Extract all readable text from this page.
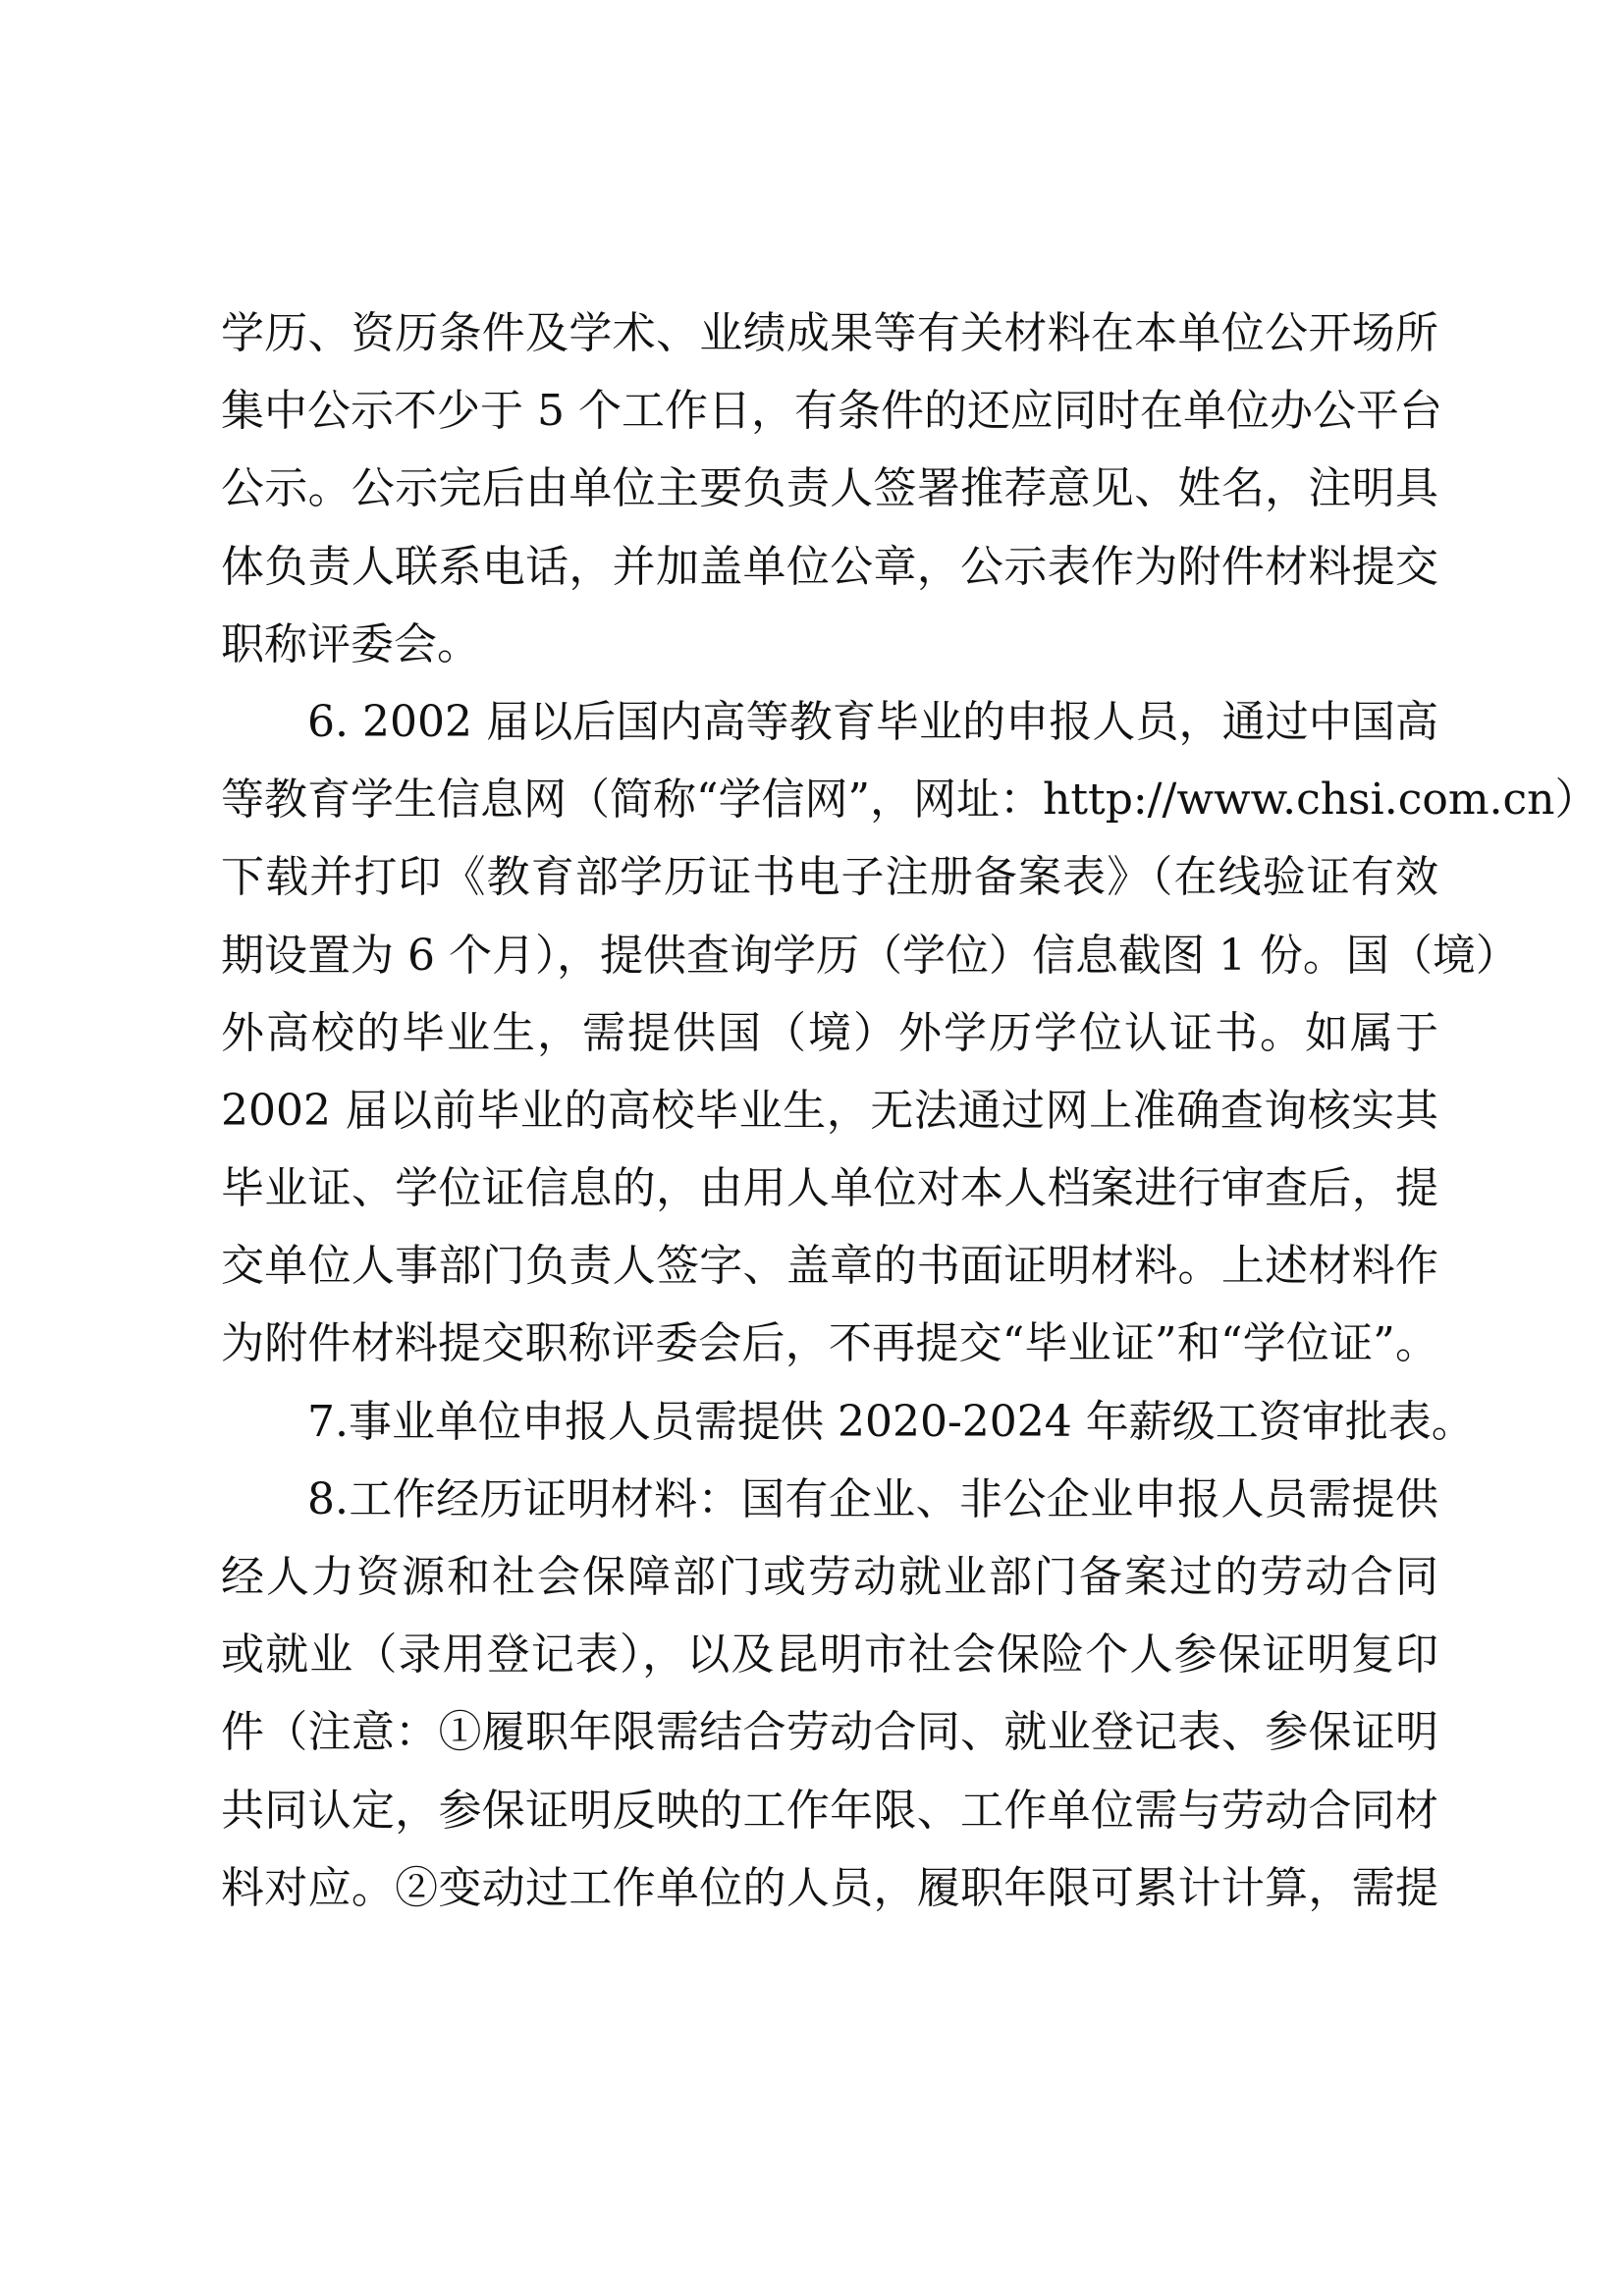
学历、资历条件及学术、业绩成果等有关材料在本单位公开场所
集中公示不少于 5 个工作日，有条件的还应同时在单位办公平台
公示。公示完后由单位主要负责人签署推荐意见、姓名，注明具
体负责人联系电话，并加盖单位公章，公示表作为附件材料提交
职称评委会。
6. 2002 届以后国内高等教育毕业的申报人员，通过中国高
等教育学生信息网（简称“学信网”，网址：http://www.chsi.com.cn）
下载并打印《教育部学历证书电子注册备案表》（在线验证有效
期设置为 6 个月），提供查询学历（学位）信息截图 1 份。国（境）
外高校的毕业生，需提供国（境）外学历学位认证书。如属于
2002 届以前毕业的高校毕业生，无法通过网上准确查询核实其
毕业证、学位证信息的，由用人单位对本人档案进行审查后，提
交单位人事部门负责人签字、盖章的书面证明材料。上述材料作
为附件材料提交职称评委会后，不再提交“毕业证”和“学位证”。
7.事业单位申报人员需提供 2020-2024 年薪级工资审批表。
8.工作经历证明材料：国有企业、非公企业申报人员需提供
经人力资源和社会保障部门或劳动就业部门备案过的劳动合同
或就业（录用登记表），以及昆明市社会保险个人参保证明复印
件（注意：①履职年限需结合劳动合同、就业登记表、参保证明
共同认定，参保证明反映的工作年限、工作单位需与劳动合同材
料对应。②变动过工作单位的人员，履职年限可累计计算，需提
